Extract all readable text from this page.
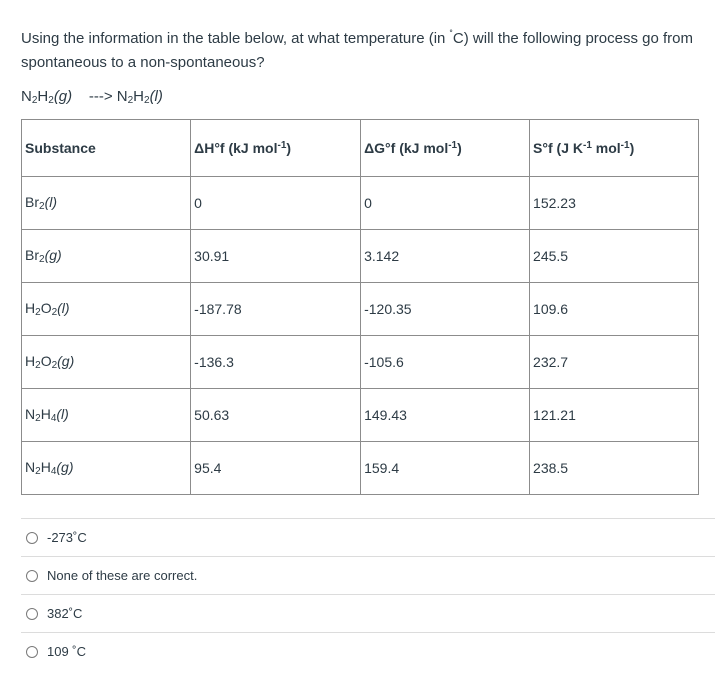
Using the information in the table below, at what temperature (in ˚C) will the following process go from spontaneous to a non-spontaneous?
$N_2H_2(g)$ ---> $N_2H_2(l)$
Substance	ΔH°f (kJ mol$^{-1}$)	ΔG°f (kJ mol$^{-1}$)	S°f (J $K^{-1}$ mol$^{-1}$)
$Br_2(l)$	0	0	152.23
$Br_2(g)$	30.91	3.142	245.5
$H_2O_2(l)$	-187.78	-120.35	109.6
$H_2O_2(g)$	-136.3	-105.6	232.7
$N_2H_4(l)$	50.63	149.43	121.21
$N_2H_4(g)$	95.4	159.4	238.5
-273˚C
None of these are correct.
382˚C
109 ˚C
